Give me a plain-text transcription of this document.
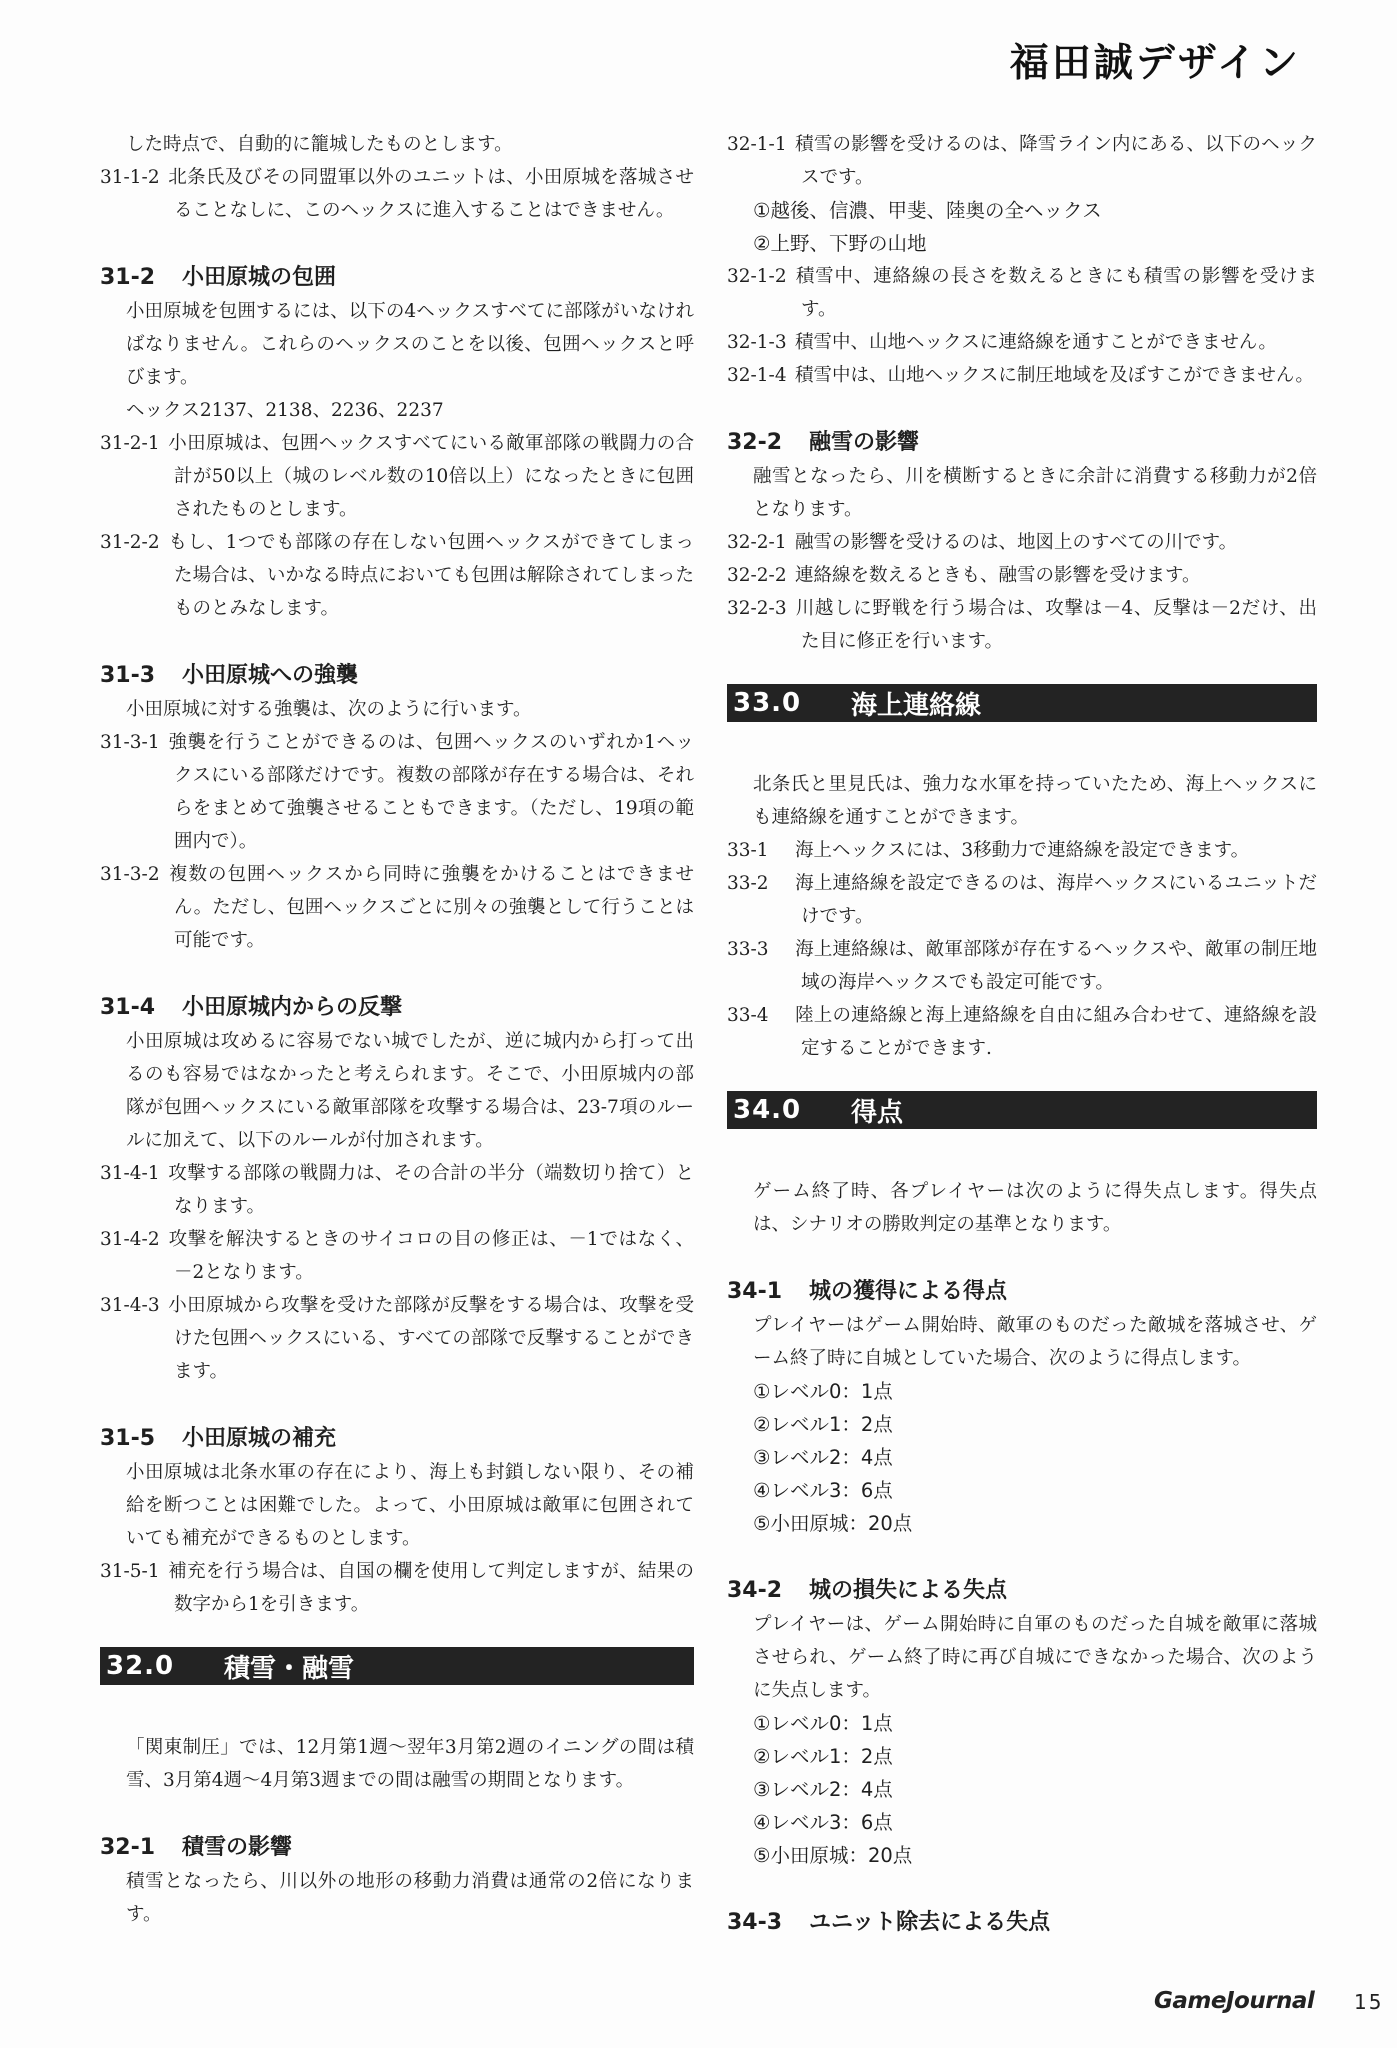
福田誠デザイン

した時点で、自動的に籠城したものとします。

31-1-2 北条氏及びその同盟軍以外のユニットは、小田原城を落城させることなしに、このヘックスに進入することはできません。

31-2 小田原城の包囲

小田原城を包囲するには、以下の4ヘックスすべてに部隊がいなければなりません。これらのヘックスのことを以後、包囲ヘックスと呼びます。

ヘックス2137、2138、2236、2237

31-2-1 小田原城は、包囲ヘックスすべてにいる敵軍部隊の戦闘力の合計が50以上（城のレベル数の10倍以上）になったときに包囲されたものとします。

31-2-2 もし、1つでも部隊の存在しない包囲ヘックスができてしまった場合は、いかなる時点においても包囲は解除されてしまったものとみなします。

31-3 小田原城への強襲

小田原城に対する強襲は、次のように行います。

31-3-1 強襲を行うことができるのは、包囲ヘックスのいずれか1ヘックスにいる部隊だけです。複数の部隊が存在する場合は、それらをまとめて強襲させることもできます。（ただし、19項の範囲内で）。

31-3-2 複数の包囲ヘックスから同時に強襲をかけることはできません。ただし、包囲ヘックスごとに別々の強襲として行うことは可能です。

31-4 小田原城内からの反撃

小田原城は攻めるに容易でない城でしたが、逆に城内から打って出るのも容易ではなかったと考えられます。そこで、小田原城内の部隊が包囲ヘックスにいる敵軍部隊を攻撃する場合は、23-7項のルールに加えて、以下のルールが付加されます。

31-4-1 攻撃する部隊の戦闘力は、その合計の半分（端数切り捨て）となります。

31-4-2 攻撃を解決するときのサイコロの目の修正は、－1ではなく、－2となります。

31-4-3 小田原城から攻撃を受けた部隊が反撃をする場合は、攻撃を受けた包囲ヘックスにいる、すべての部隊で反撃することができます。

31-5 小田原城の補充

小田原城は北条水軍の存在により、海上も封鎖しない限り、その補給を断つことは困難でした。よって、小田原城は敵軍に包囲されていても補充ができるものとします。

31-5-1 補充を行う場合は、自国の欄を使用して判定しますが、結果の数字から1を引きます。

32.0	積雪・融雪

「関東制圧」では、12月第1週～翌年3月第2週のイニングの間は積雪、3月第4週～4月第3週までの間は融雪の期間となります。

32-1 積雪の影響

積雪となったら、川以外の地形の移動力消費は通常の2倍になります。

32-1-1 積雪の影響を受けるのは、降雪ライン内にある、以下のヘックスです。

①越後、信濃、甲斐、陸奥の全ヘックス

②上野、下野の山地

32-1-2 積雪中、連絡線の長さを数えるときにも積雪の影響を受けます。

32-1-3 積雪中、山地ヘックスに連絡線を通すことができません。

32-1-4 積雪中は、山地ヘックスに制圧地域を及ぼすこができません。

32-2 融雪の影響

融雪となったら、川を横断するときに余計に消費する移動力が2倍となります。

32-2-1 融雪の影響を受けるのは、地図上のすべての川です。

32-2-2 連絡線を数えるときも、融雪の影響を受けます。

32-2-3 川越しに野戦を行う場合は、攻撃は－4、反撃は－2だけ、出た目に修正を行います。

33.0	海上連絡線

北条氏と里見氏は、強力な水軍を持っていたため、海上ヘックスにも連絡線を通すことができます。

33-1 海上ヘックスには、3移動力で連絡線を設定できます。

33-2 海上連絡線を設定できるのは、海岸ヘックスにいるユニットだけです。

33-3 海上連絡線は、敵軍部隊が存在するヘックスや、敵軍の制圧地域の海岸ヘックスでも設定可能です。

33-4 陸上の連絡線と海上連絡線を自由に組み合わせて、連絡線を設定することができます.

34.0	得点

ゲーム終了時、各プレイヤーは次のように得失点します。得失点は、シナリオの勝敗判定の基準となります。

34-1 城の獲得による得点

プレイヤーはゲーム開始時、敵軍のものだった敵城を落城させ、ゲーム終了時に自城としていた場合、次のように得点します。

①レベル0：1点

②レベル1：2点

③レベル2：4点

④レベル3：6点

⑤小田原城：20点

34-2 城の損失による失点

プレイヤーは、ゲーム開始時に自軍のものだった自城を敵軍に落城させられ、ゲーム終了時に再び自城にできなかった場合、次のように失点します。

①レベル0：1点

②レベル1：2点

③レベル2：4点

④レベル3：6点

⑤小田原城：20点

34-3 ユニット除去による失点

GameJournal 15
